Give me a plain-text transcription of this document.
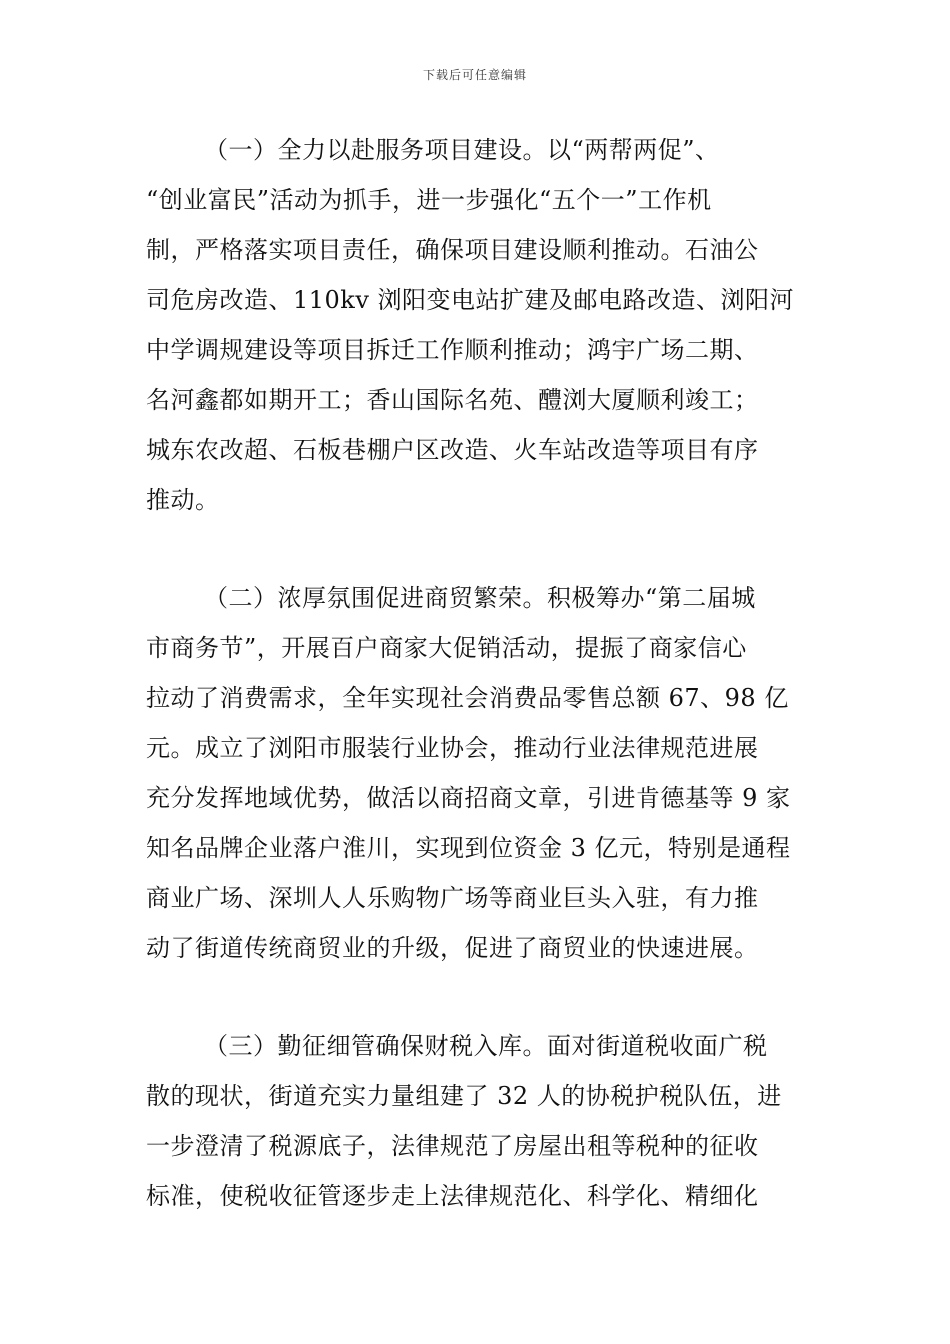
下载后可任意编辑
（一）全力以赴服务项目建设。以“两帮两促”、
“创业富民”活动为抓手，进一步强化“五个一”工作机
制，严格落实项目责任，确保项目建设顺利推动。石油公
司危房改造、110kv 浏阳变电站扩建及邮电路改造、浏阳河
中学调规建设等项目拆迁工作顺利推动；鸿宇广场二期、
名河鑫都如期开工；香山国际名苑、醴浏大厦顺利竣工；
城东农改超、石板巷棚户区改造、火车站改造等项目有序
推动。
（二）浓厚氛围促进商贸繁荣。积极筹办“第二届城
市商务节”，开展百户商家大促销活动，提振了商家信心
拉动了消费需求，全年实现社会消费品零售总额 67、98 亿
元。成立了浏阳市服装行业协会，推动行业法律规范进展
充分发挥地域优势，做活以商招商文章，引进肯德基等 9 家
知名品牌企业落户淮川，实现到位资金 3 亿元，特别是通程
商业广场、深圳人人乐购物广场等商业巨头入驻，有力推
动了街道传统商贸业的升级，促进了商贸业的快速进展。
（三）勤征细管确保财税入库。面对街道税收面广税
散的现状，街道充实力量组建了 32 人的协税护税队伍，进
一步澄清了税源底子，法律规范了房屋出租等税种的征收
标准，使税收征管逐步走上法律规范化、科学化、精细化
